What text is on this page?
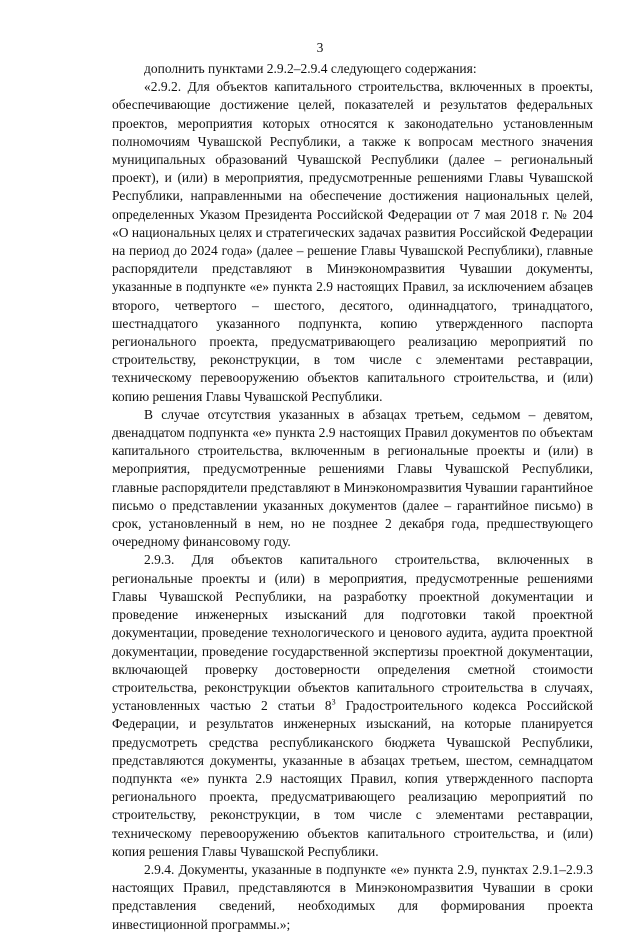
3

дополнить пунктами 2.9.2–2.9.4 следующего содержания:

«2.9.2. Для объектов капитального строительства, включенных в проекты, обеспечивающие достижение целей, показателей и результатов федеральных проектов, мероприятия которых относятся к законодательно установленным полномочиям Чувашской Республики, а также к вопросам местного значения муниципальных образований Чувашской Республики (далее – региональный проект), и (или) в мероприятия, предусмотренные решениями Главы Чувашской Республики, направленными на обеспечение достижения национальных целей, определенных Указом Президента Российской Федерации от 7 мая 2018 г. № 204 «О национальных целях и стратегических задачах развития Российской Федерации на период до 2024 года» (далее – решение Главы Чувашской Республики), главные распорядители представляют в Минэкономразвития Чувашии документы, указанные в подпункте «е» пункта 2.9 настоящих Правил, за исключением абзацев второго, четвертого – шестого, десятого, одиннадцатого, тринадцатого, шестнадцатого указанного подпункта, копию утвержденного паспорта регионального проекта, предусматривающего реализацию мероприятий по строительству, реконструкции, в том числе с элементами реставрации, техническому перевооружению объектов капитального строительства, и (или) копию решения Главы Чувашской Республики.

В случае отсутствия указанных в абзацах третьем, седьмом – девятом, двенадцатом подпункта «е» пункта 2.9 настоящих Правил документов по объектам капитального строительства, включенным в региональные проекты и (или) в мероприятия, предусмотренные решениями Главы Чувашской Республики, главные распорядители представляют в Минэкономразвития Чувашии гарантийное письмо о представлении указанных документов (далее – гарантийное письмо) в срок, установленный в нем, но не позднее 2 декабря года, предшествующего очередному финансовому году.

2.9.3. Для объектов капитального строительства, включенных в региональные проекты и (или) в мероприятия, предусмотренные решениями Главы Чувашской Республики, на разработку проектной документации и проведение инженерных изысканий для подготовки такой проектной документации, проведение технологического и ценового аудита, аудита проектной документации, проведение государственной экспертизы проектной документации, включающей проверку достоверности определения сметной стоимости строительства, реконструкции объектов капитального строительства в случаях, установленных частью 2 статьи $8^3$ Градостроительного кодекса Российской Федерации, и результатов инженерных изысканий, на которые планируется предусмотреть средства республиканского бюджета Чувашской Республики, представляются документы, указанные в абзацах третьем, шестом, семнадцатом подпункта «е» пункта 2.9 настоящих Правил, копия утвержденного паспорта регионального проекта, предусматривающего реализацию мероприятий по строительству, реконструкции, в том числе с элементами реставрации, техническому перевооружению объектов капитального строительства, и (или) копия решения Главы Чувашской Республики.

2.9.4. Документы, указанные в подпункте «е» пункта 2.9, пунктах 2.9.1–2.9.3 настоящих Правил, представляются в Минэкономразвития Чувашии в сроки представления сведений, необходимых для формирования проекта инвестиционной программы.»;
